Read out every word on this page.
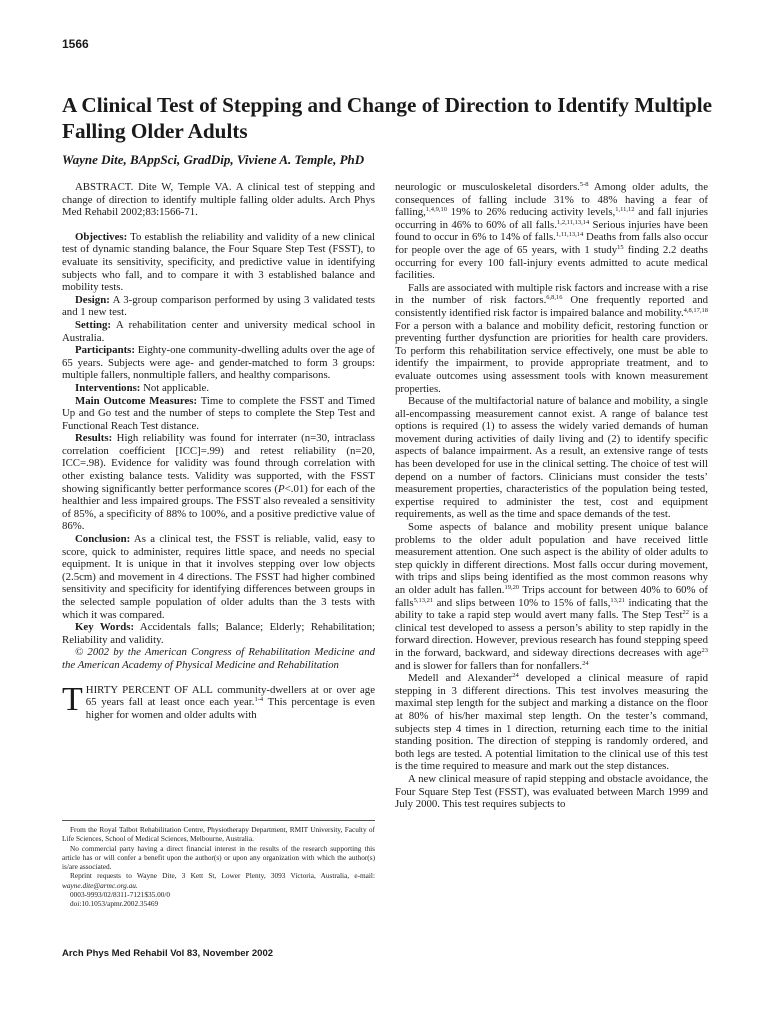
1566
A Clinical Test of Stepping and Change of Direction to Identify Multiple Falling Older Adults
Wayne Dite, BAppSci, GradDip, Viviene A. Temple, PhD

ABSTRACT. Dite W, Temple VA. A clinical test of stepping and change of direction to identify multiple falling older adults. Arch Phys Med Rehabil 2002;83:1566-71.

Objectives: To establish the reliability and validity of a new clinical test of dynamic standing balance, the Four Square Step Test (FSST), to evaluate its sensitivity, specificity, and predictive value in identifying subjects who fall, and to compare it with 3 established balance and mobility tests.

Design: A 3-group comparison performed by using 3 validated tests and 1 new test.

Setting: A rehabilitation center and university medical school in Australia.

Participants: Eighty-one community-dwelling adults over the age of 65 years. Subjects were age- and gender-matched to form 3 groups: multiple fallers, nonmultiple fallers, and healthy comparisons.

Interventions: Not applicable.

Main Outcome Measures: Time to complete the FSST and Timed Up and Go test and the number of steps to complete the Step Test and Functional Reach Test distance.

Results: High reliability was found for interrater (n=30, intraclass correlation coefficient [ICC]=.99) and retest reliability (n=20, ICC=.98). Evidence for validity was found through correlation with other existing balance tests. Validity was supported, with the FSST showing significantly better performance scores (P<.01) for each of the healthier and less impaired groups. The FSST also revealed a sensitivity of 85%, a specificity of 88% to 100%, and a positive predictive value of 86%.

Conclusion: As a clinical test, the FSST is reliable, valid, easy to score, quick to administer, requires little space, and needs no special equipment. It is unique in that it involves stepping over low objects (2.5cm) and movement in 4 directions. The FSST had higher combined sensitivity and specificity for identifying differences between groups in the selected sample population of older adults than the 3 tests with which it was compared.

Key Words: Accidentals falls; Balance; Elderly; Rehabilitation; Reliability and validity.

© 2002 by the American Congress of Rehabilitation Medicine and the American Academy of Physical Medicine and Rehabilitation

THIRTY PERCENT OF ALL community-dwellers at or over age 65 years fall at least once each year.$^{1-4}$ This percentage is even higher for women and older adults with

From the Royal Talbot Rehabilitation Centre, Physiotherapy Department, RMIT University, Faculty of Life Sciences, School of Medical Sciences, Melbourne, Australia.

No commercial party having a direct financial interest in the results of the research supporting this article has or will confer a benefit upon the author(s) or upon any organization with which the author(s) is/are associated.

Reprint requests to Wayne Dite, 3 Kett St, Lower Plenty, 3093 Victoria, Australia, e-mail: wayne.dite@armc.org.au.

0003-9993/02/8311-7121$35.00/0

doi:10.1053/apmr.2002.35469

neurologic or musculoskeletal disorders.$^{5-8}$ Among older adults, the consequences of falling include 31% to 48% having a fear of falling,$^{1,4,9,10}$ 19% to 26% reducing activity levels,$^{1,11,12}$ and fall injuries occurring in 46% to 60% of all falls.$^{1,2,11,13,14}$ Serious injuries have been found to occur in 6% to 14% of falls.$^{1,11,13,14}$ Deaths from falls also occur for people over the age of 65 years, with 1 study$^{15}$ finding 2.2 deaths occurring for every 100 fall-injury events admitted to acute medical facilities.

Falls are associated with multiple risk factors and increase with a rise in the number of risk factors.$^{6,8,16}$ One frequently reported and consistently identified risk factor is impaired balance and mobility.$^{4,8,17,18}$ For a person with a balance and mobility deficit, restoring function or preventing further dysfunction are priorities for health care providers. To perform this rehabilitation service effectively, one must be able to identify the impairment, to provide appropriate treatment, and to evaluate outcomes using assessment tools with known measurement properties.

Because of the multifactorial nature of balance and mobility, a single all-encompassing measurement cannot exist. A range of balance test options is required (1) to assess the widely varied demands of human movement during activities of daily living and (2) to identify specific aspects of balance impairment. As a result, an extensive range of tests has been developed for use in the clinical setting. The choice of test will depend on a number of factors. Clinicians must consider the tests’ measurement properties, characteristics of the population being tested, expertise required to administer the test, cost and equipment requirements, as well as the time and space demands of the test.

Some aspects of balance and mobility present unique balance problems to the older adult population and have received little measurement attention. One such aspect is the ability of older adults to step quickly in different directions. Most falls occur during movement, with trips and slips being identified as the most common reasons why an older adult has fallen.$^{19,20}$ Trips account for between 40% to 60% of falls$^{5,13,21}$ and slips between 10% to 15% of falls,$^{13,21}$ indicating that the ability to take a rapid step would avert many falls. The Step Test$^{22}$ is a clinical test developed to assess a person’s ability to step rapidly in the forward direction. However, previous research has found stepping speed in the forward, backward, and sideway directions decreases with age$^{23}$ and is slower for fallers than for nonfallers.$^{24}$

Medell and Alexander$^{24}$ developed a clinical measure of rapid stepping in 3 different directions. This test involves measuring the maximal step length for the subject and marking a distance on the floor at 80% of his/her maximal step length. On the tester’s command, subjects step 4 times in 1 direction, returning each time to the initial standing position. The direction of stepping is randomly ordered, and both legs are tested. A potential limitation to the clinical use of this test is the time required to measure and mark out the step distances.

A new clinical measure of rapid stepping and obstacle avoidance, the Four Square Step Test (FSST), was evaluated between March 1999 and July 2000. This test requires subjects to

Arch Phys Med Rehabil Vol 83, November 2002
